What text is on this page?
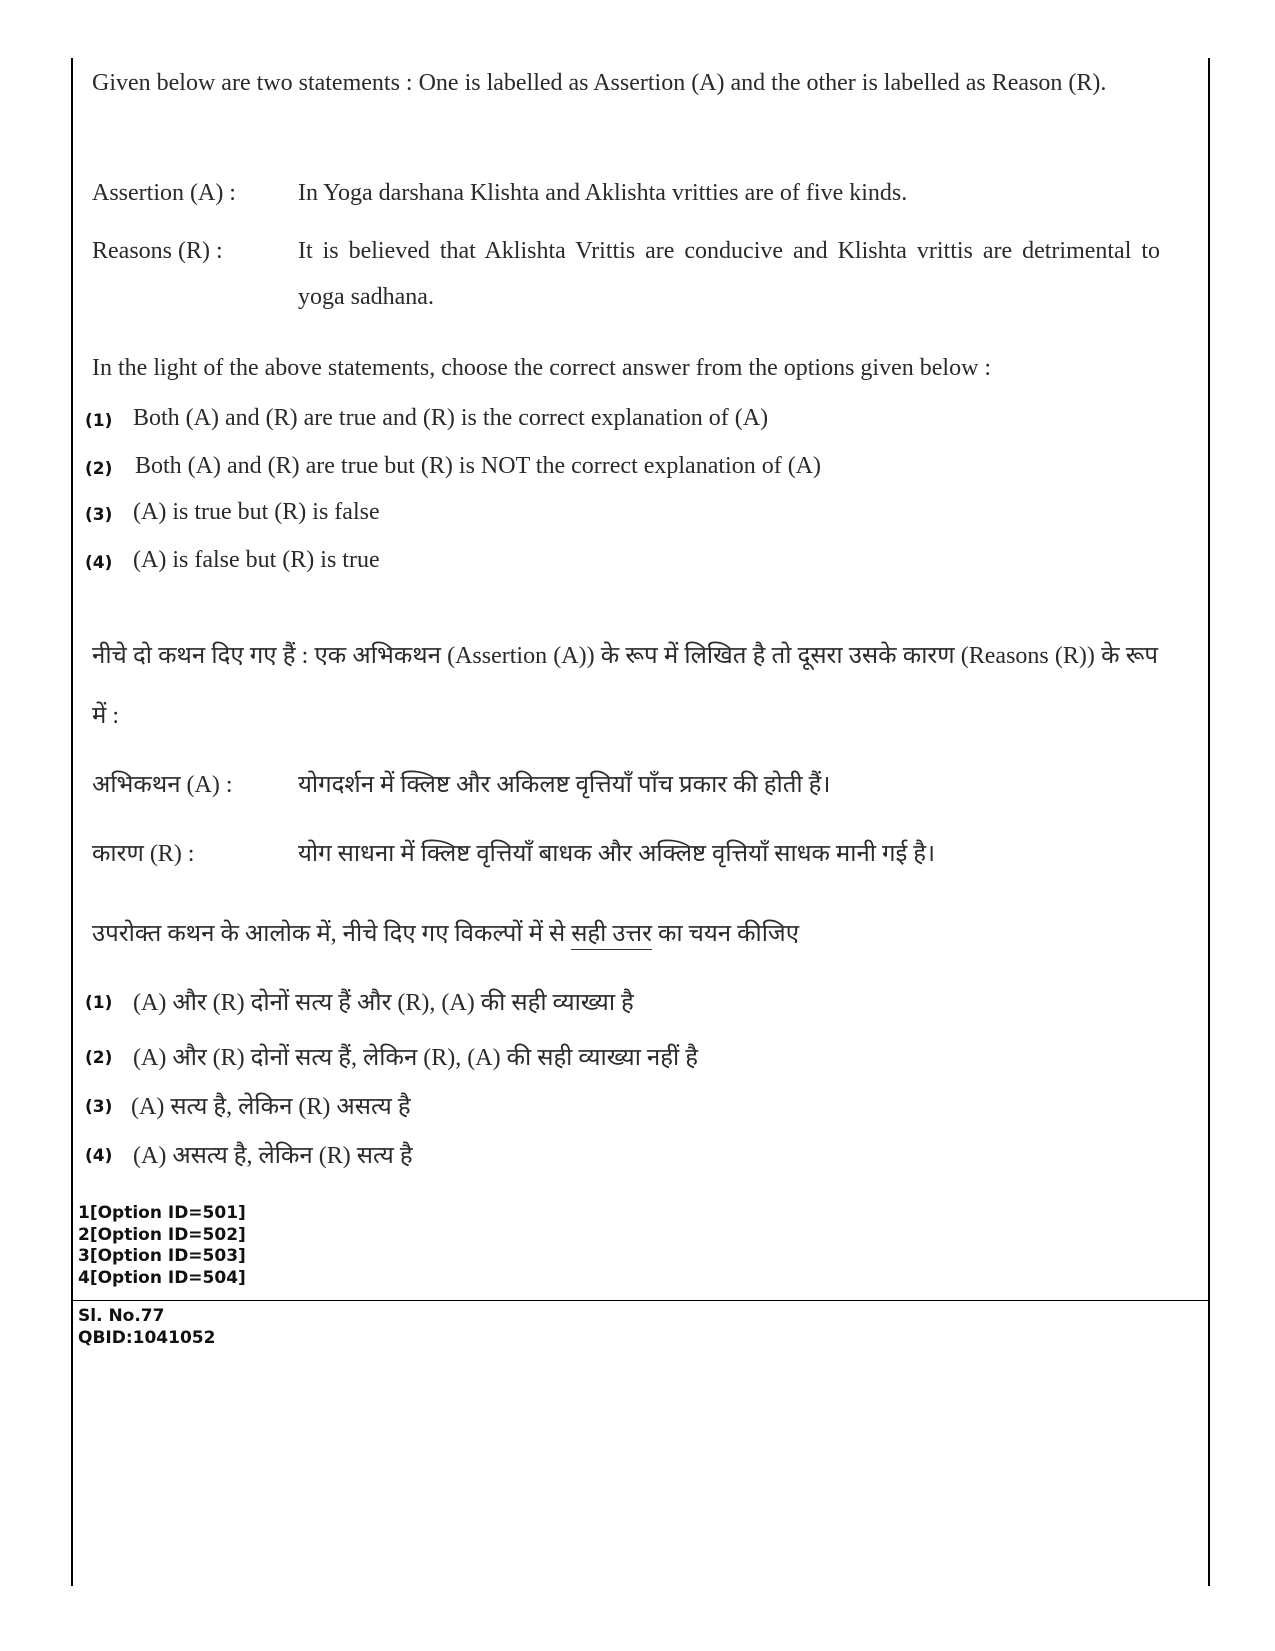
Given below are two statements : One is labelled as Assertion (A) and the other is labelled as Reason (R).
Assertion (A) :	In Yoga darshana Klishta and Aklishta vritties are of five kinds.
Reasons (R) :	It is believed that Aklishta Vrittis are conducive and Klishta vrittis are detrimental to yoga sadhana.
In the light of the above statements, choose the correct answer from the options given below :
(1) Both (A) and (R) are true and (R) is the correct explanation of (A)
(2) Both (A) and (R) are true but (R) is NOT the correct explanation of (A)
(3) (A) is true but (R) is false
(4) (A) is false but (R) is true
नीचे दो कथन दिए गए हैं : एक अभिकथन (Assertion (A)) के रूप में लिखित है तो दूसरा उसके कारण (Reasons (R)) के रूप में :
अभिकथन (A) :	योगदर्शन में क्लिष्ट और अकिलष्ट वृत्तियाँ पाँच प्रकार की होती हैं।
कारण (R) :	योग साधना में क्लिष्ट वृत्तियाँ बाधक और अक्लिष्ट वृत्तियाँ साधक मानी गई है।
उपरोक्त कथन के आलोक में, नीचे दिए गए विकल्पों में से सही उत्तर का चयन कीजिए
(1) (A) और (R) दोनों सत्य हैं और (R), (A) की सही व्याख्या है
(2) (A) और (R) दोनों सत्य हैं, लेकिन (R), (A) की सही व्याख्या नहीं है
(3) (A) सत्य है, लेकिन (R) असत्य है
(4) (A) असत्य है, लेकिन (R) सत्य है
1[Option ID=501]
2[Option ID=502]
3[Option ID=503]
4[Option ID=504]
Sl. No.77
QBID:1041052
